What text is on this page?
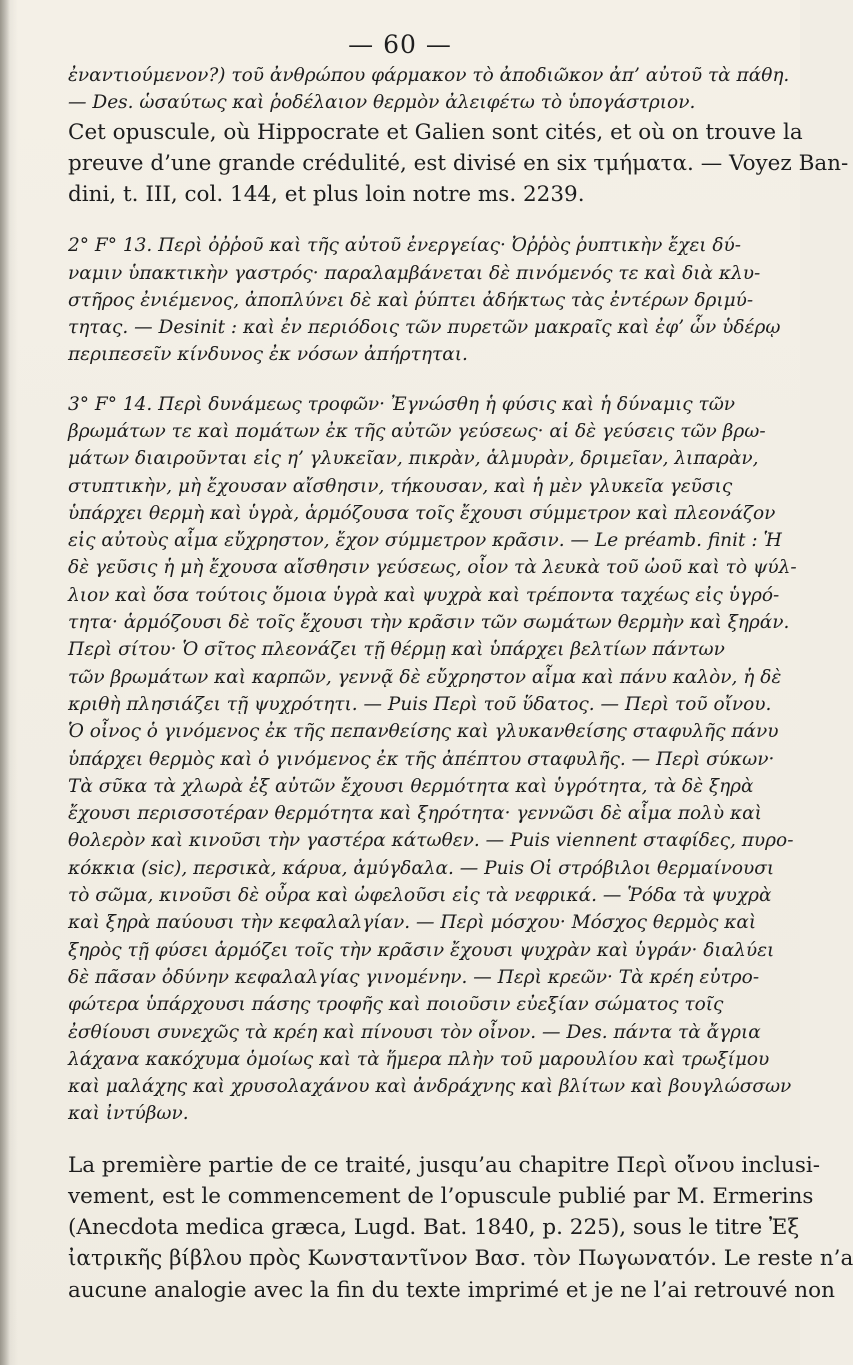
— 60 —
ἐναντιούμενον?) τοῦ ἀνθρώπου φάρμακον τὸ ἀποδιῶκον ἀπ’ αὐτοῦ τὰ πάθη.
— Des. ὡσαύτως καὶ ῥοδέλαιον θερμὸν ἀλειφέτω τὸ ὑπογάστριον.
Cet opuscule, où Hippocrate et Galien sont cités, et où on trouve la
preuve d’une grande crédulité, est divisé en six τμήματα. — Voyez Ban-
dini, t. III, col. 144, et plus loin notre ms. 2239.
2° F° 13. Περὶ ὀῤῥοῦ καὶ τῆς αὐτοῦ ἐνεργείας· Ὀῤῥὸς ῥυπτικὴν ἔχει δύ-
ναμιν ὑπακτικὴν γαστρός· παραλαμβάνεται δὲ πινόμενός τε καὶ διὰ κλυ-
στῆρος ἐνιέμενος, ἀποπλύνει δὲ καὶ ῥύπτει ἀδήκτως τὰς ἐντέρων δριμύ-
τητας. — Desinit : καὶ ἐν περιόδοις τῶν πυρετῶν μακραῖς καὶ ἐφ’ ὧν ὑδέρῳ
περιπεσεῖν κίνδυνος ἐκ νόσων ἀπήρτηται.
3° F° 14. Περὶ δυνάμεως τροφῶν· Ἐγνώσθη ἡ φύσις καὶ ἡ δύναμις τῶν
βρωμάτων τε καὶ πομάτων ἐκ τῆς αὐτῶν γεύσεως· αἱ δὲ γεύσεις τῶν βρω-
μάτων διαιροῦνται εἰς η’ γλυκεῖαν, πικρὰν, ἁλμυρὰν, δριμεῖαν, λιπαρὰν,
στυπτικὴν, μὴ ἔχουσαν αἴσθησιν, τήκουσαν, καὶ ἡ μὲν γλυκεῖα γεῦσις
ὑπάρχει θερμὴ καὶ ὑγρὰ, ἁρμόζουσα τοῖς ἔχουσι σύμμετρον καὶ πλεονάζον
εἰς αὐτοὺς αἷμα εὔχρηστον, ἔχον σύμμετρον κρᾶσιν. — Le préamb. finit : Ἡ
δὲ γεῦσις ἡ μὴ ἔχουσα αἴσθησιν γεύσεως, οἷον τὰ λευκὰ τοῦ ὠοῦ καὶ τὸ ψύλ-
λιον καὶ ὅσα τούτοις ὅμοια ὑγρὰ καὶ ψυχρὰ καὶ τρέποντα ταχέως εἰς ὑγρό-
τητα· ἁρμόζουσι δὲ τοῖς ἔχουσι τὴν κρᾶσιν τῶν σωμάτων θερμὴν καὶ ξηράν.
Περὶ σίτου· Ὁ σῖτος πλεονάζει τῇ θέρμῃ καὶ ὑπάρχει βελτίων πάντων
τῶν βρωμάτων καὶ καρπῶν, γεννᾷ δὲ εὔχρηστον αἷμα καὶ πάνυ καλὸν, ἡ δὲ
κριθὴ πλησιάζει τῇ ψυχρότητι. — Puis Περὶ τοῦ ὕδατος. — Περὶ τοῦ οἴνου.
Ὁ οἶνος ὁ γινόμενος ἐκ τῆς πεπανθείσης καὶ γλυκανθείσης σταφυλῆς πάνυ
ὑπάρχει θερμὸς καὶ ὁ γινόμενος ἐκ τῆς ἀπέπτου σταφυλῆς. — Περὶ σύκων·
Τὰ σῦκα τὰ χλωρὰ ἐξ αὐτῶν ἔχουσι θερμότητα καὶ ὑγρότητα, τὰ δὲ ξηρὰ
ἔχουσι περισσοτέραν θερμότητα καὶ ξηρότητα· γεννῶσι δὲ αἷμα πολὺ καὶ
θολερὸν καὶ κινοῦσι τὴν γαστέρα κάτωθεν. — Puis viennent σταφίδες, πυρο-
κόκκια (sic), περσικὰ, κάρυα, ἀμύγδαλα. — Puis Οἱ στρόβιλοι θερμαίνουσι
τὸ σῶμα, κινοῦσι δὲ οὖρα καὶ ὠφελοῦσι εἰς τὰ νεφρικά. — Ῥόδα τὰ ψυχρὰ
καὶ ξηρὰ παύουσι τὴν κεφαλαλγίαν. — Περὶ μόσχου· Μόσχος θερμὸς καὶ
ξηρὸς τῇ φύσει ἁρμόζει τοῖς τὴν κρᾶσιν ἔχουσι ψυχρὰν καὶ ὑγράν· διαλύει
δὲ πᾶσαν ὀδύνην κεφαλαλγίας γινομένην. — Περὶ κρεῶν· Τὰ κρέη εὐτρο-
φώτερα ὑπάρχουσι πάσης τροφῆς καὶ ποιοῦσιν εὐεξίαν σώματος τοῖς
ἐσθίουσι συνεχῶς τὰ κρέη καὶ πίνουσι τὸν οἶνον. — Des. πάντα τὰ ἄγρια
λάχανα κακόχυμα ὁμοίως καὶ τὰ ἥμερα πλὴν τοῦ μαρουλίου καὶ τρωξίμου
καὶ μαλάχης καὶ χρυσολαχάνου καὶ ἀνδράχνης καὶ βλίτων καὶ βουγλώσσων
καὶ ἰντύβων.
La première partie de ce traité, jusqu’au chapitre Περὶ οἴνου inclusi-
vement, est le commencement de l’opuscule publié par M. Ermerins
(Anecdota medica græca, Lugd. Bat. 1840, p. 225), sous le titre Ἐξ
ἰατρικῆς βίβλου πρὸς Κωνσταντῖνον Βασ. τὸν Πωγωνατόν. Le reste n’a
aucune analogie avec la fin du texte imprimé et je ne l’ai retrouvé non
